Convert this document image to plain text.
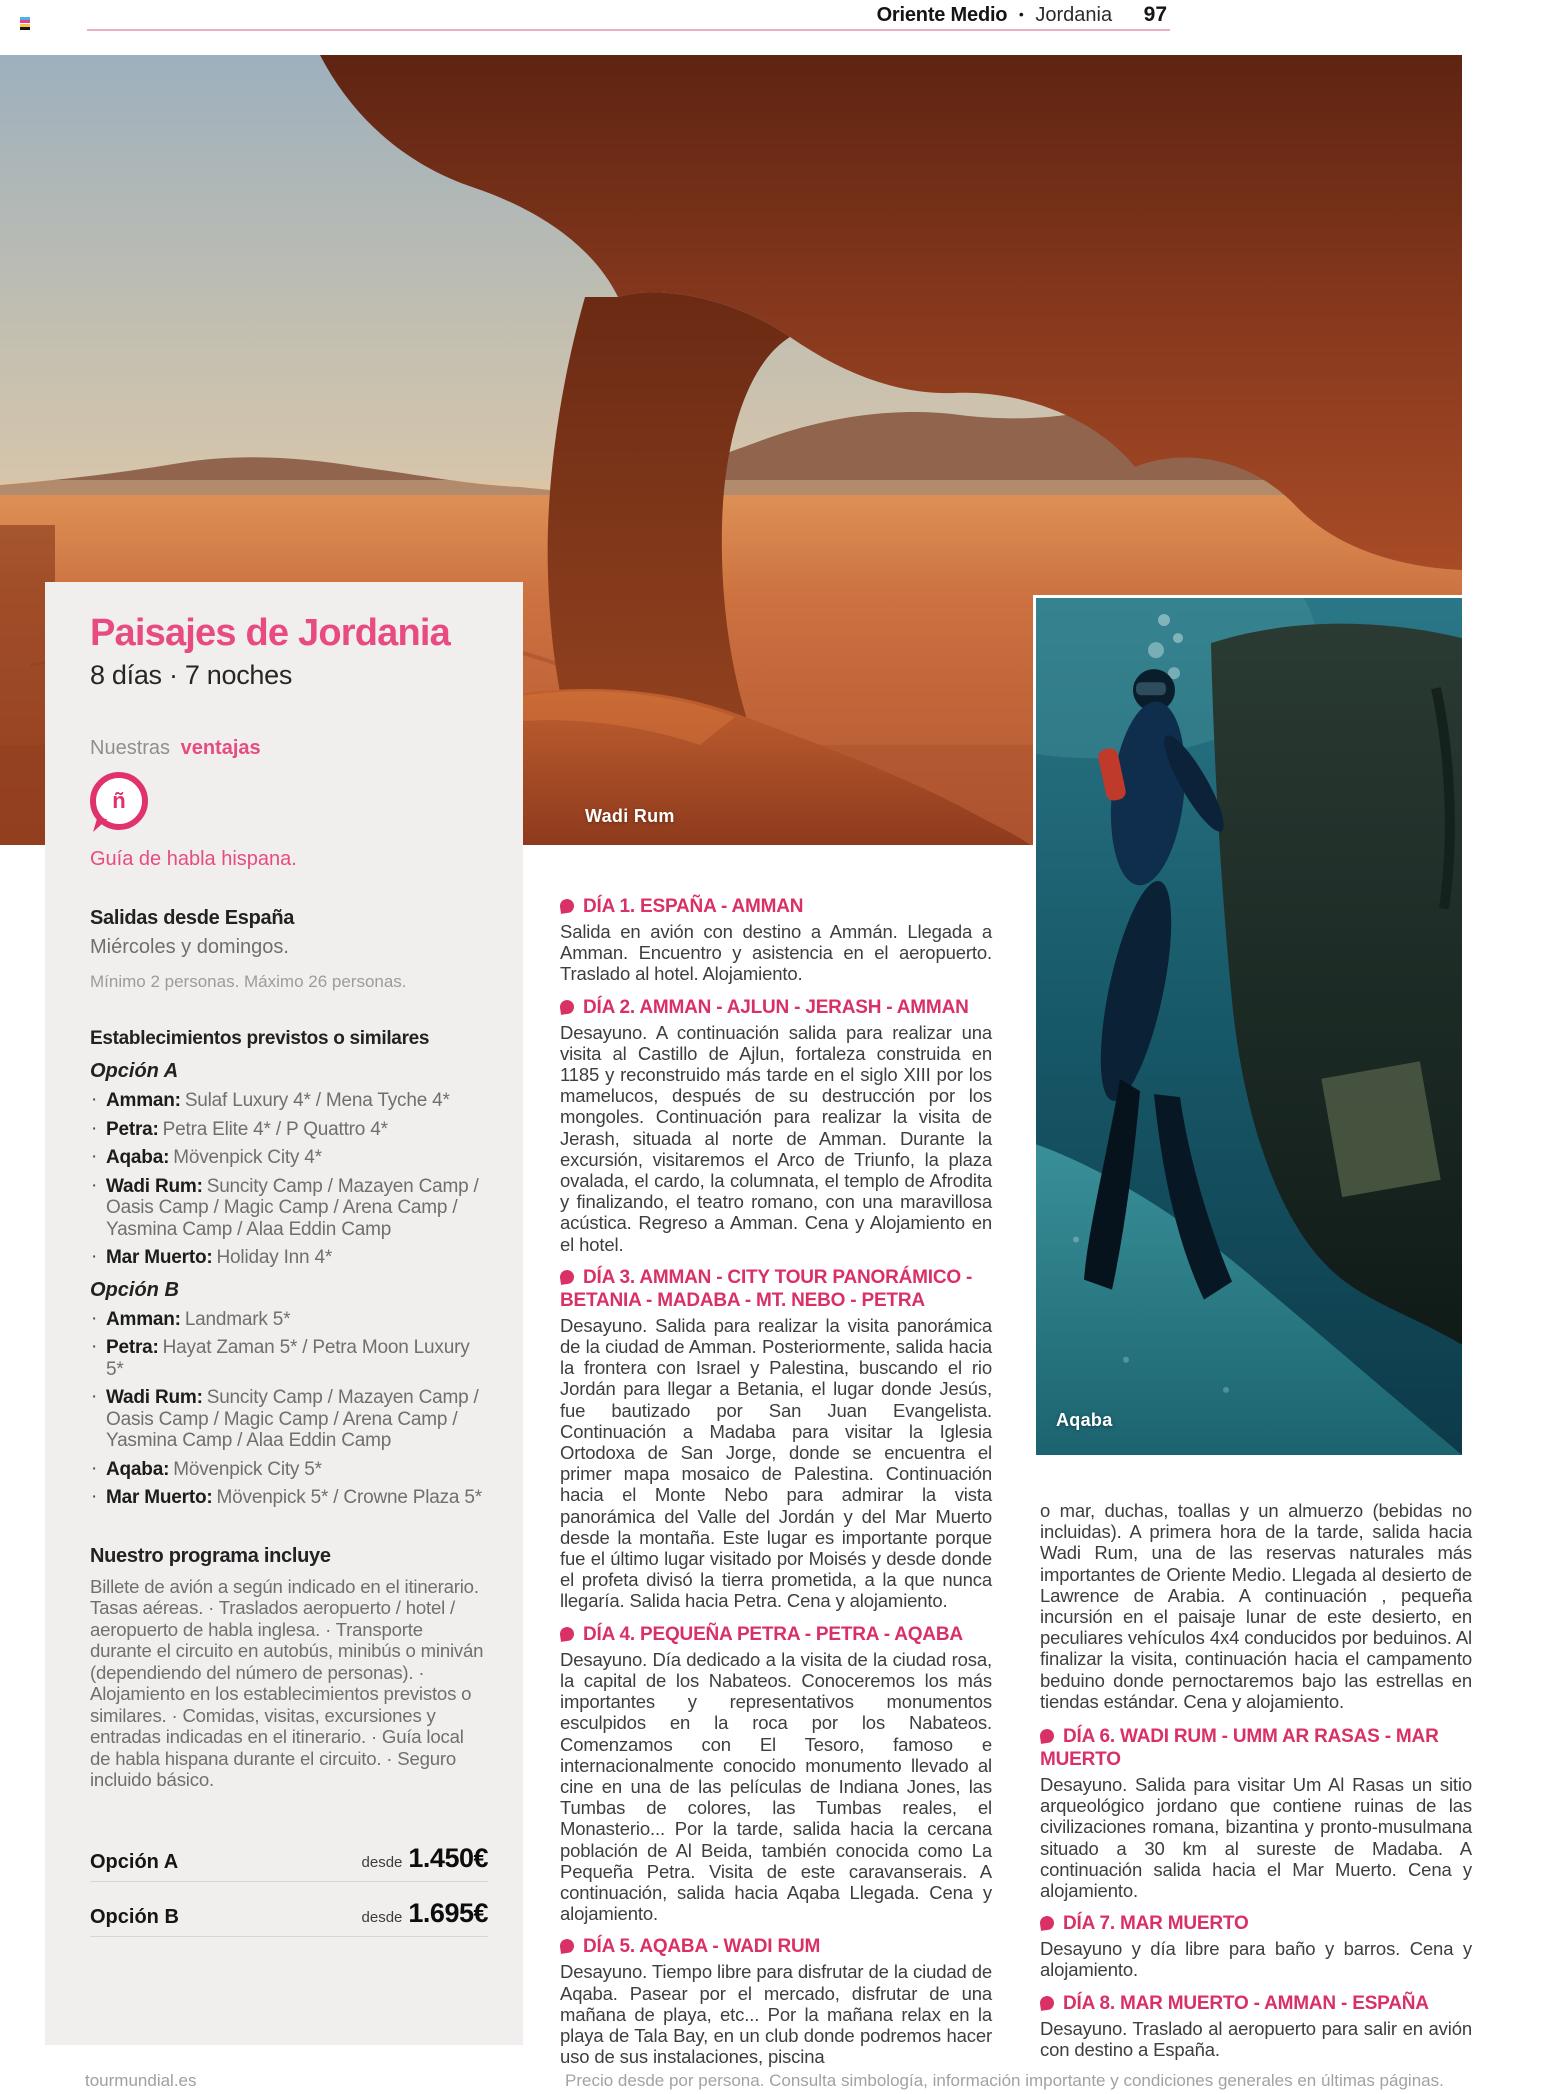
Oriente Medio • Jordania 97
Wadi Rum
Aqaba
Paisajes de Jordania
8 días · 7 noches
Nuestras ventajas
ñ
Guía de habla hispana.
Salidas desde España
Miércoles y domingos.
Mínimo 2 personas. Máximo 26 personas.
Establecimientos previstos o similares
Opción A
· Amman: Sulaf Luxury 4* / Mena Tyche 4*
· Petra: Petra Elite 4* / P Quattro 4*
· Aqaba: Mövenpick City 4*
· Wadi Rum: Suncity Camp / Mazayen Camp / Oasis Camp / Magic Camp / Arena Camp / Yasmina Camp / Alaa Eddin Camp
· Mar Muerto: Holiday Inn 4*
Opción B
· Amman: Landmark 5*
· Petra: Hayat Zaman 5* / Petra Moon Luxury 5*
· Wadi Rum: Suncity Camp / Mazayen Camp / Oasis Camp / Magic Camp / Arena Camp / Yasmina Camp / Alaa Eddin Camp
· Aqaba: Mövenpick City 5*
· Mar Muerto: Mövenpick 5* / Crowne Plaza 5*
Nuestro programa incluye
Billete de avión a según indicado en el itinerario. Tasas aéreas. · Traslados aeropuerto / hotel / aeropuerto de habla inglesa. · Transporte durante el circuito en autobús, minibús o miniván (dependiendo del número de personas). · Alojamiento en los establecimientos previstos o similares. · Comidas, visitas, excursiones y entradas indicadas en el itinerario. · Guía local de habla hispana durante el circuito. · Seguro incluido básico.
Opción A	desde 1.450€
Opción B	desde 1.695€
DÍA 1. ESPAÑA - AMMAN
Salida en avión con destino a Ammán. Llegada a Amman. Encuentro y asistencia en el aeropuerto. Traslado al hotel. Alojamiento.
DÍA 2. AMMAN - AJLUN - JERASH - AMMAN
Desayuno. A continuación salida para realizar una visita al Castillo de Ajlun, fortaleza construida en 1185 y reconstruido más tarde en el siglo XIII por los mamelucos, después de su destrucción por los mongoles. Continuación para realizar la visita de Jerash, situada al norte de Amman. Durante la excursión, visitaremos el Arco de Triunfo, la plaza ovalada, el cardo, la columnata, el templo de Afrodita y finalizando, el teatro romano, con una maravillosa acústica. Regreso a Amman. Cena y Alojamiento en el hotel.
DÍA 3. AMMAN - CITY TOUR PANORÁMICO - BETANIA - MADABA - MT. NEBO - PETRA
Desayuno. Salida para realizar la visita panorámica de la ciudad de Amman. Posteriormente, salida hacia la frontera con Israel y Palestina, buscando el rio Jordán para llegar a Betania, el lugar donde Jesús, fue bautizado por San Juan Evangelista. Continuación a Madaba para visitar la Iglesia Ortodoxa de San Jorge, donde se encuentra el primer mapa mosaico de Palestina. Continuación hacia el Monte Nebo para admirar la vista panorámica del Valle del Jordán y del Mar Muerto desde la montaña. Este lugar es importante porque fue el último lugar visitado por Moisés y desde donde el profeta divisó la tierra prometida, a la que nunca llegaría. Salida hacia Petra. Cena y alojamiento.
DÍA 4. PEQUEÑA PETRA - PETRA - AQABA
Desayuno. Día dedicado a la visita de la ciudad rosa, la capital de los Nabateos. Conoceremos los más importantes y representativos monumentos esculpidos en la roca por los Nabateos. Comenzamos con El Tesoro, famoso e internacionalmente conocido monumento llevado al cine en una de las películas de Indiana Jones, las Tumbas de colores, las Tumbas reales, el Monasterio... Por la tarde, salida hacia la cercana población de Al Beida, también conocida como La Pequeña Petra. Visita de este caravanserais. A continuación, salida hacia Aqaba Llegada. Cena y alojamiento.
DÍA 5. AQABA - WADI RUM
Desayuno. Tiempo libre para disfrutar de la ciudad de Aqaba. Pasear por el mercado, disfrutar de una mañana de playa, etc... Por la mañana relax en la playa de Tala Bay, en un club donde podremos hacer uso de sus instalaciones, piscina
o mar, duchas, toallas y un almuerzo (bebidas no incluidas). A primera hora de la tarde, salida hacia Wadi Rum, una de las reservas naturales más importantes de Oriente Medio. Llegada al desierto de Lawrence de Arabia. A continuación , pequeña incursión en el paisaje lunar de este desierto, en peculiares vehículos 4x4 conducidos por beduinos. Al finalizar la visita, continuación hacia el campamento beduino donde pernoctaremos bajo las estrellas en tiendas estándar. Cena y alojamiento.
DÍA 6. WADI RUM - UMM AR RASAS - MAR MUERTO
Desayuno. Salida para visitar Um Al Rasas un sitio arqueológico jordano que contiene ruinas de las civilizaciones romana, bizantina y pronto-musulmana situado a 30 km al sureste de Madaba. A continuación salida hacia el Mar Muerto. Cena y alojamiento.
DÍA 7. MAR MUERTO
Desayuno y día libre para baño y barros. Cena y alojamiento.
DÍA 8. MAR MUERTO - AMMAN - ESPAÑA
Desayuno. Traslado al aeropuerto para salir en avión con destino a España.
tourmundial.es	Precio desde por persona. Consulta simbología, información importante y condiciones generales en últimas páginas.
